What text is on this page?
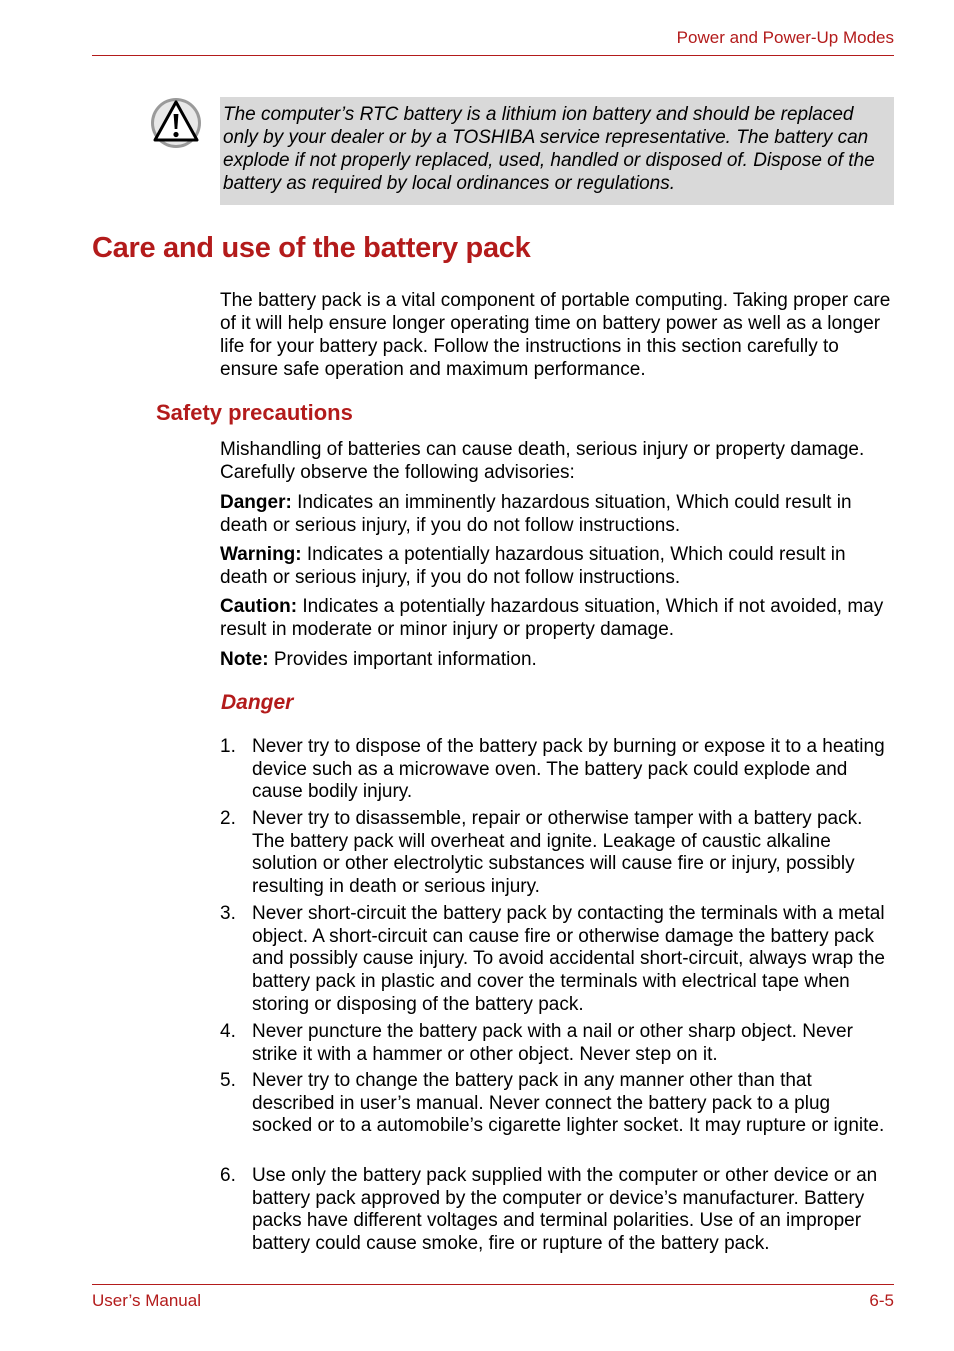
Power and Power-Up Modes
The computer’s RTC battery is a lithium ion battery and should be replaced only by your dealer or by a TOSHIBA service representative. The battery can explode if not properly replaced, used, handled or disposed of. Dispose of the battery as required by local ordinances or regulations.
Care and use of the battery pack

The battery pack is a vital component of portable computing. Taking proper care of it will help ensure longer operating time on battery power as well as a longer life for your battery pack. Follow the instructions in this section carefully to ensure safe operation and maximum performance.

Safety precautions

Mishandling of batteries can cause death, serious injury or property damage. Carefully observe the following advisories:

Danger: Indicates an imminently hazardous situation, Which could result in death or serious injury, if you do not follow instructions.

Warning: Indicates a potentially hazardous situation, Which could result in death or serious injury, if you do not follow instructions.

Caution: Indicates a potentially hazardous situation, Which if not avoided, may result in moderate or minor injury or property damage.

Note: Provides important information.

Danger
1. Never try to dispose of the battery pack by burning or expose it to a heating device such as a microwave oven. The battery pack could explode and cause bodily injury.
2. Never try to disassemble, repair or otherwise tamper with a battery pack. The battery pack will overheat and ignite. Leakage of caustic alkaline solution or other electrolytic substances will cause fire or injury, possibly resulting in death or serious injury.
3. Never short-circuit the battery pack by contacting the terminals with a metal object. A short-circuit can cause fire or otherwise damage the battery pack and possibly cause injury. To avoid accidental short-circuit, always wrap the battery pack in plastic and cover the terminals with electrical tape when storing or disposing of the battery pack.
4. Never puncture the battery pack with a nail or other sharp object. Never strike it with a hammer or other object. Never step on it.
5. Never try to change the battery pack in any manner other than that described in user’s manual. Never connect the battery pack to a plug socked or to a automobile’s cigarette lighter socket. It may rupture or ignite.
6. Use only the battery pack supplied with the computer or other device or an battery pack approved by the computer or device’s manufacturer. Battery packs have different voltages and terminal polarities. Use of an improper battery could cause smoke, fire or rupture of the battery pack.
User’s Manual	6-5
